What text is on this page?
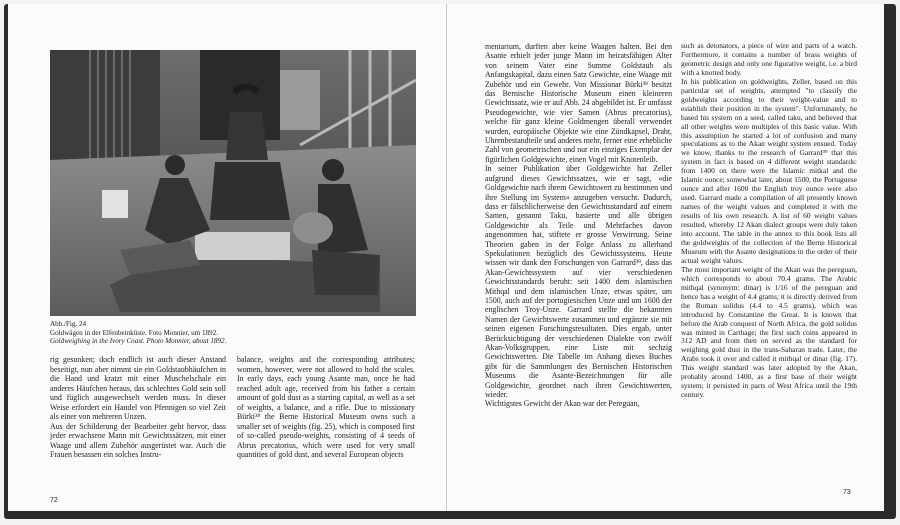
Abb./Fig. 24
Goldwägen in der Elfenbeinküste. Foto Monnier, um 1892.
Goldweighing in the Ivory Coast. Photo Monnier, about 1892.

rig gesunken; doch endlich ist auch dieser Anstand beseitigt, nun aber nimmt sie ein Goldstaubhäufchen in die Hand und kratzt mit einer Muschelschale ein anderes Häufchen heraus, das schlechtes Gold sein soll und füglich ausgewechselt werden muss. In dieser Weise erfordert ein Handel von Pfennigen so viel Zeit als einer von mehreren Unzen.
Aus der Schilderung der Bearbeiter geht hervor, dass jeder erwachsene Mann mit Gewichtssätzen, mit einer Waage und allem Zubehör ausgerüstet war. Auch die Frauen besassen ein solches Instru-

balance, weights and the corresponding attributes; women, however, were not allowed to hold the scales. In early days, each young Asante man, once he had reached adult age, received from his father a certain amount of gold dust as a starting capital, as well as a set of weights, a balance, and a rifle. Due to missionary Bürki³⁸ the Berne Historical Museum owns such a smaller set of weights (fig. 25), which is composed first of so-called pseudo-weights, consisting of 4 seeds of Abrus precatorius, which were used for very small quantities of gold dust, and several European objects

72

mentarium, durften aber keine Waagen halten. Bei den Asante erhielt jeder junge Mann im heiratsfähigen Alter von seinem Vater eine Summe Goldstaub als Anfangskapital, dazu einen Satz Gewichte, eine Waage mit Zubehör und ein Gewehr. Von Missionar Bürki³⁸ besitzt das Bernische Historische Museum einen kleineren Gewichtssatz, wie er auf Abb. 24 abgebildet ist. Er umfasst Pseudogewichte, wie vier Samen (Abrus precatorius), welche für ganz kleine Goldmengen überall verwendet wurden, europäische Objekte wie eine Zündkapsel, Draht, Uhrenbestandteile und anderes mehr, ferner eine erhebliche Zahl von geometrischen und nur ein einziges Exemplar der figürlichen Goldgewichte, einen Vogel mit Knotenleib.
In seiner Publikation über Goldgewichte hat Zeller aufgrund dieses Gewichtssatzes, wie er sagt, «die Goldgewichte nach ihrem Gewichtswert zu bestimmen und ihre Stellung im System» anzugeben versucht. Dadurch, dass er fälschlicherweise den Gewichtsstandard auf einem Samen, genannt Taku, basierte und alle übrigen Goldgewichte als Teile und Mehrfaches davon angenommen hat, stiftete er grosse Verwirrung. Seine Theorien gaben in der Folge Anlass zu allerhand Spekulationen bezüglich des Gewichtssystems. Heute wissen wir dank den Forschungen von Garrard³⁹, dass das Akan-Gewichtssystem auf vier verschiedenen Gewichtsstandards beruht: seit 1400 dem islamischen Mithqal und dem islamischen Unze, etwas später, um 1500, auch auf der portugiesischen Unze und um 1600 der englischen Troy-Unze. Garrard stellte die bekannten Namen der Gewichtswerte zusammen und ergänzte sie mit seinen eigenen Forschungsresultaten. Dies ergab, unter Berücksichtigung der verschiedenen Dialekte von zwölf Akan-Volksgruppen, eine Liste mit sechzig Gewichtswerten. Die Tabelle im Anhang dieses Buches gibt für die Sammlungen des Bernischen Historischen Museums die Asante-Bezeichnungen für alle Goldgewichte, geordnet nach ihren Gewichtswerten, wieder.
Wichtigstes Gewicht der Akan war der Pereguan,

such as detonators, a piece of wire and parts of a watch. Furthermore, it contains a number of brass weights of geometric design and only one figurative weight, i.e. a bird with a knotted body.
In his publication on goldweights, Zeller, based on this particular set of weights, attempted "to classify the goldweights according to their weight-value and to establish their position in the system". Unfortunately, he based his system on a seed, called taku, and believed that all other weights were multiples of this basic value. With this assumption he started a lot of confusion and many speculations as to the Akan weight system ensued. Today we know, thanks to the research of Garrard³⁹ that this system in fact is based on 4 different weight standards: from 1400 on there were the Islamic mitkal and the Islamic ounce; somewhat later, about 1500, the Portuguese ounce and after 1600 the English troy ounce were also used. Garrard made a compilation of all presently known names of the weight values and completed it with the results of his own research. A list of 60 weight values resulted, whereby 12 Akan dialect groups were duly taken into account. The table in the annex to this book lists all the goldweights of the collection of the Berne Historical Museum with the Asante designations in the order of their actual weight values.
The most important weight of the Akan was the pereguan, which corresponds to about 70.4 grams. The Arabic mithqal (synonym: dinar) is 1/16 of the pereguan and hence has a weight of 4.4 grams; it is directly derived from the Roman solidus (4.4 to 4.5 grams), which was introduced by Constantine the Great. It is known that before the Arab conquest of North Africa, the gold solidus was minted in Carthage; the first such coins appeared in 312 AD and from then on served as the standard for weighing gold dust in the trans-Saharan trade. Later, the Arabs took it over and called it mithqal or dinar (fig. 17). This weight standard was later adopted by the Akan, probably around 1400, as a first base of their weight system; it persisted in parts of West Africa until the 19th century.

73
